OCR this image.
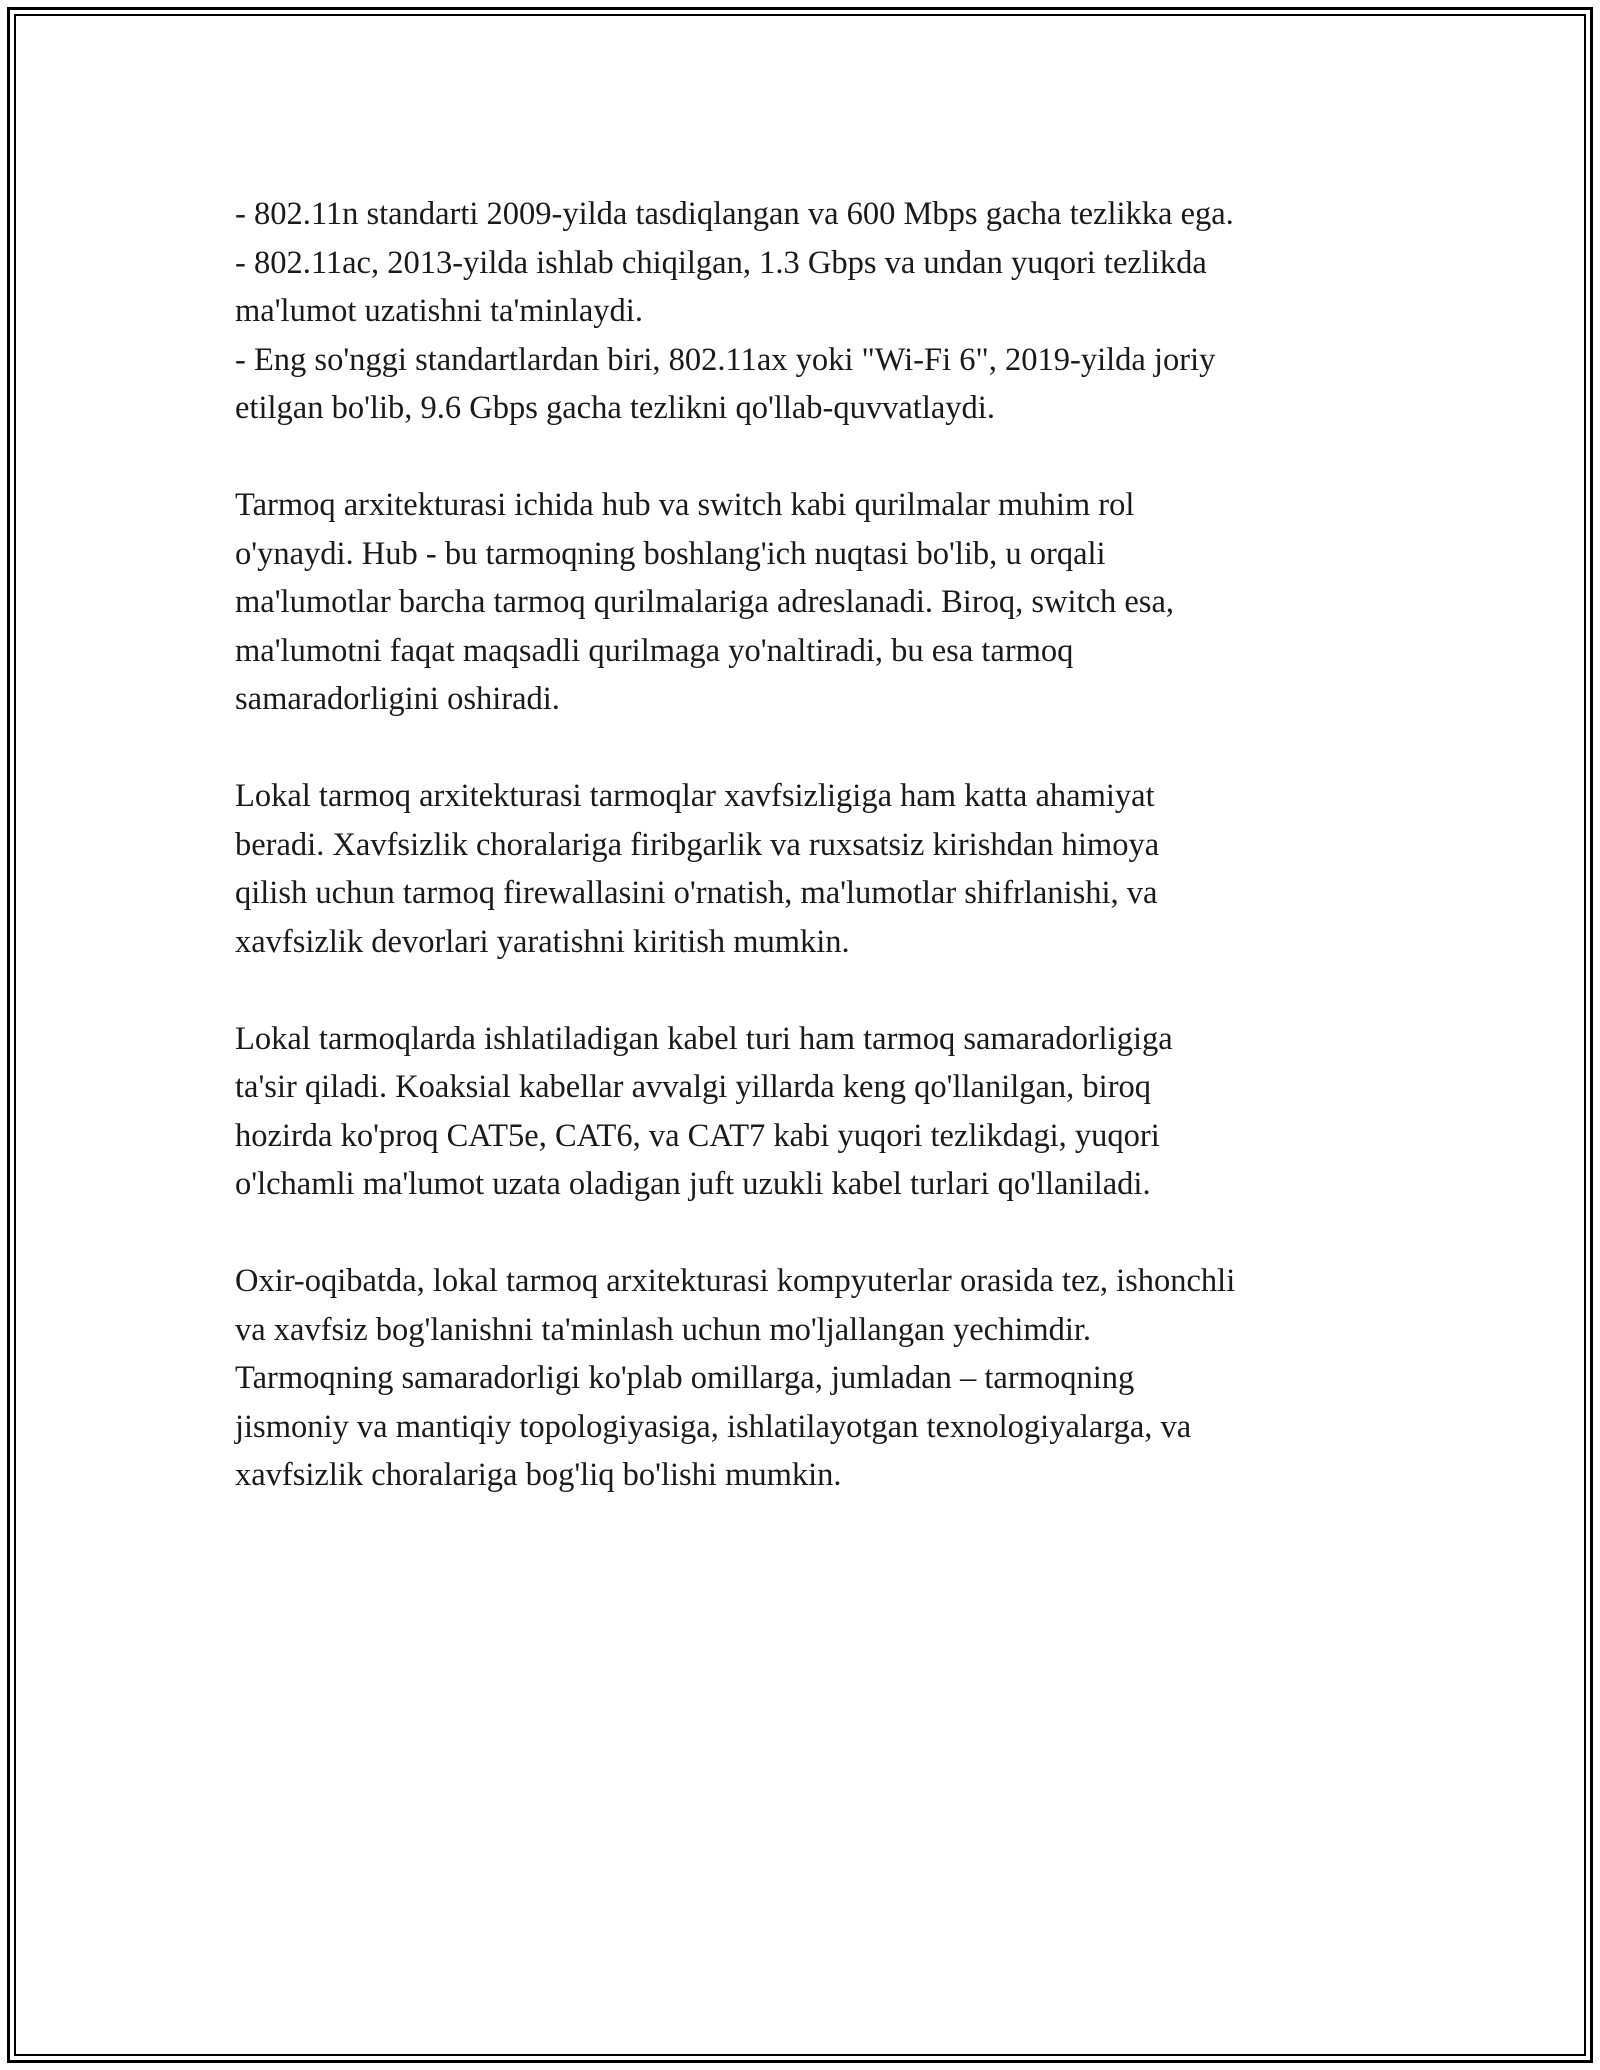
- 802.11n standarti 2009-yilda tasdiqlangan va 600 Mbps gacha tezlikka ega.
- 802.11ac, 2013-yilda ishlab chiqilgan, 1.3 Gbps va undan yuqori tezlikda
ma'lumot uzatishni ta'minlaydi.
- Eng so'nggi standartlardan biri, 802.11ax yoki "Wi-Fi 6", 2019-yilda joriy
etilgan bo'lib, 9.6 Gbps gacha tezlikni qo'llab-quvvatlaydi.
Tarmoq arxitekturasi ichida hub va switch kabi qurilmalar muhim rol
o'ynaydi. Hub - bu tarmoqning boshlang'ich nuqtasi bo'lib, u orqali
ma'lumotlar barcha tarmoq qurilmalariga adreslanadi. Biroq, switch esa,
ma'lumotni faqat maqsadli qurilmaga yo'naltiradi, bu esa tarmoq
samaradorligini oshiradi.
Lokal tarmoq arxitekturasi tarmoqlar xavfsizligiga ham katta ahamiyat
beradi. Xavfsizlik choralariga firibgarlik va ruxsatsiz kirishdan himoya
qilish uchun tarmoq firewallasini o'rnatish, ma'lumotlar shifrlanishi, va
xavfsizlik devorlari yaratishni kiritish mumkin.
Lokal tarmoqlarda ishlatiladigan kabel turi ham tarmoq samaradorligiga
ta'sir qiladi. Koaksial kabellar avvalgi yillarda keng qo'llanilgan, biroq
hozirda ko'proq CAT5e, CAT6, va CAT7 kabi yuqori tezlikdagi, yuqori
o'lchamli ma'lumot uzata oladigan juft uzukli kabel turlari qo'llaniladi.
Oxir-oqibatda, lokal tarmoq arxitekturasi kompyuterlar orasida tez, ishonchli
va xavfsiz bog'lanishni ta'minlash uchun mo'ljallangan yechimdir.
Tarmoqning samaradorligi ko'plab omillarga, jumladan – tarmoqning
jismoniy va mantiqiy topologiyasiga, ishlatilayotgan texnologiyalarga, va
xavfsizlik choralariga bog'liq bo'lishi mumkin.
